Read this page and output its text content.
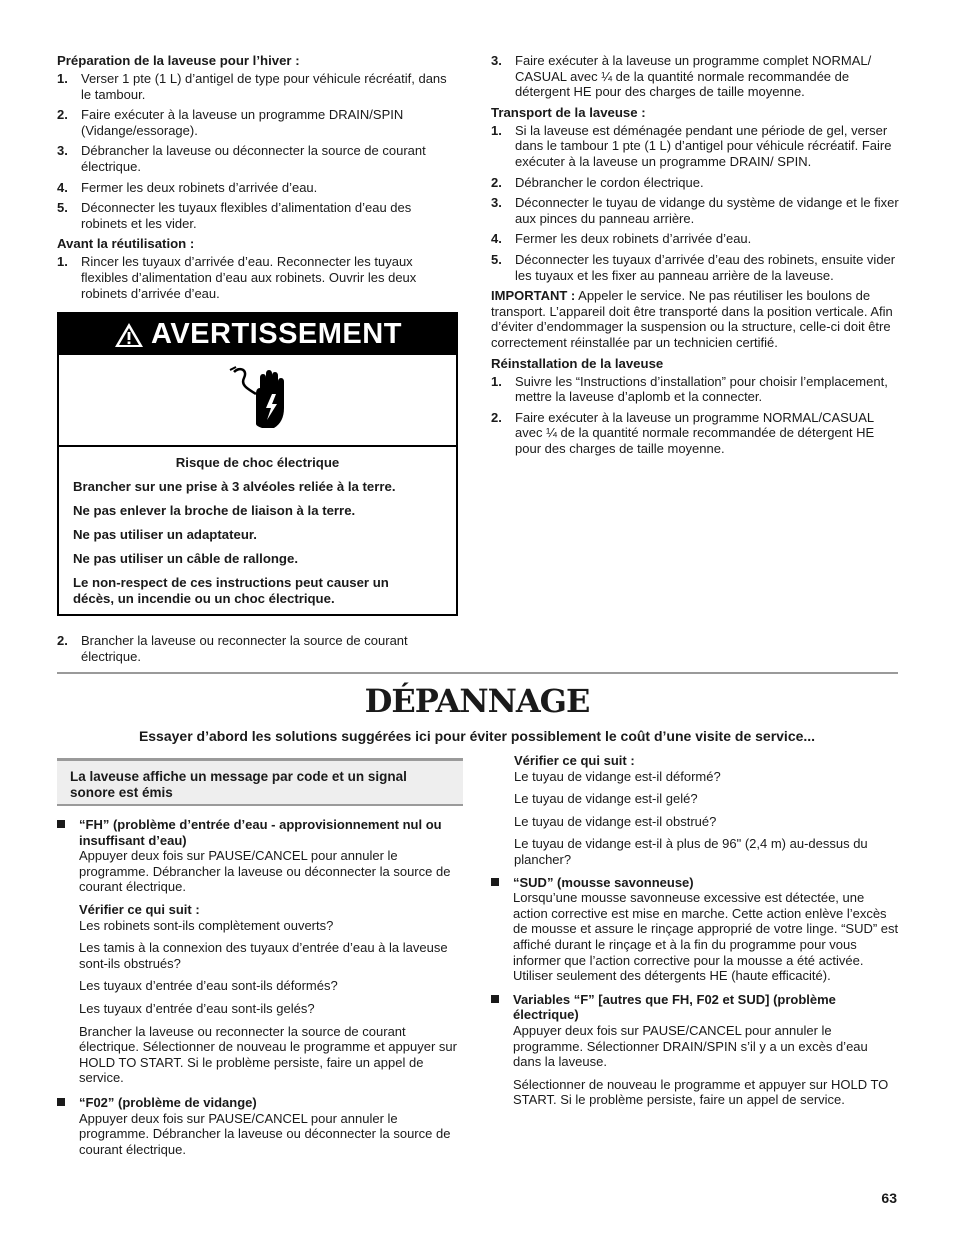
Préparation de la laveuse pour l’hiver :

1.	Verser 1 pte (1 L) d’antigel de type pour véhicule récréatif, dans le tambour.
2.	Faire exécuter à la laveuse un programme DRAIN/SPIN (Vidange/essorage).
3.	Débrancher la laveuse ou déconnecter la source de courant électrique.
4.	Fermer les deux robinets d’arrivée d’eau.
5.	Déconnecter les tuyaux flexibles d’alimentation d’eau des robinets et les vider.

Avant la réutilisation :

1.	Rincer les tuyaux d’arrivée d’eau. Reconnecter les tuyaux flexibles d’alimentation d’eau aux robinets. Ouvrir les deux robinets d’arrivée d’eau.
AVERTISSEMENT
Risque de choc électrique
Brancher sur une prise à 3 alvéoles reliée à la terre.
Ne pas enlever la broche de liaison à la terre.
Ne pas utiliser un adaptateur.
Ne pas utiliser un câble de rallonge.
Le non-respect de ces instructions peut causer un décès, un incendie ou un choc électrique.
2.	Brancher la laveuse ou reconnecter la source de courant électrique.
3.	Faire exécuter à la laveuse un programme complet NORMAL/ CASUAL avec ¼ de la quantité normale recommandée de détergent HE pour des charges de taille moyenne.

Transport de la laveuse :

1.	Si la laveuse est déménagée pendant une période de gel, verser dans le tambour 1 pte (1 L) d’antigel pour véhicule récréatif. Faire exécuter à la laveuse un programme DRAIN/ SPIN.
2.	Débrancher le cordon électrique.
3.	Déconnecter le tuyau de vidange du système de vidange et le fixer aux pinces du panneau arrière.
4.	Fermer les deux robinets d’arrivée d’eau.
5.	Déconnecter les tuyaux d’arrivée d’eau des robinets, ensuite vider les tuyaux et les fixer au panneau arrière de la laveuse.
IMPORTANT : Appeler le service. Ne pas réutiliser les boulons de transport. L’appareil doit être transporté dans la position verticale. Afin d’éviter d’endommager la suspension ou la structure, celle-ci doit être correctement réinstallée par un technicien certifié.

Réinstallation de la laveuse

1.	Suivre les “Instructions d’installation” pour choisir l’emplacement, mettre la laveuse d’aplomb et la connecter.
2.	Faire exécuter à la laveuse un programme NORMAL/CASUAL avec ¼ de la quantité normale recommandée de détergent HE pour des charges de taille moyenne.
DÉPANNAGE
Essayer d’abord les solutions suggérées ici pour éviter possiblement le coût d’une visite de service...
La laveuse affiche un message par code et un signal sonore est émis
“FH” (problème d’entrée d’eau - approvisionnement nul ou insuffisant d’eau)
Appuyer deux fois sur PAUSE/CANCEL pour annuler le programme. Débrancher la laveuse ou déconnecter la source de courant électrique.
Vérifier ce qui suit :
Les robinets sont-ils complètement ouverts?
Les tamis à la connexion des tuyaux d’entrée d’eau à la laveuse sont-ils obstrués?
Les tuyaux d’entrée d’eau sont-ils déformés?
Les tuyaux d’entrée d’eau sont-ils gelés?
Brancher la laveuse ou reconnecter la source de courant électrique. Sélectionner de nouveau le programme et appuyer sur HOLD TO START. Si le problème persiste, faire un appel de service.
“F02” (problème de vidange)
Appuyer deux fois sur PAUSE/CANCEL pour annuler le programme. Débrancher la laveuse ou déconnecter la source de courant électrique.
Vérifier ce qui suit :
Le tuyau de vidange est-il déformé?
Le tuyau de vidange est-il gelé?
Le tuyau de vidange est-il obstrué?
Le tuyau de vidange est-il à plus de 96" (2,4 m) au-dessus du plancher?
“SUD” (mousse savonneuse)
Lorsqu’une mousse savonneuse excessive est détectée, une action corrective est mise en marche. Cette action enlève l’excès de mousse et assure le rinçage approprié de votre linge. “SUD” est affiché durant le rinçage et à la fin du programme pour vous informer que l’action corrective pour la mousse a été activée. Utiliser seulement des détergents HE (haute efficacité).
Variables “F” [autres que FH, F02 et SUD] (problème électrique)
Appuyer deux fois sur PAUSE/CANCEL pour annuler le programme. Sélectionner DRAIN/SPIN s’il y a un excès d’eau dans la laveuse.
Sélectionner de nouveau le programme et appuyer sur HOLD TO START. Si le problème persiste, faire un appel de service.
63
